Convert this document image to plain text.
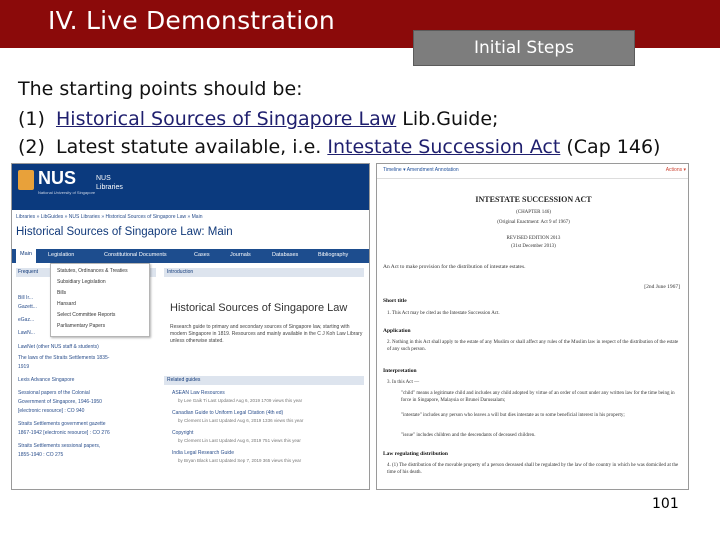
IV. Live Demonstration
Initial Steps
The starting points should be:
(1) Historical Sources of Singapore Law Lib.Guide;
(2) Latest statute available, i.e. Intestate Succession Act (Cap 146)
NUS
National University of Singapore
NUS
Libraries
Libraries » LibGuides » NUS Libraries » Historical Sources of Singapore Law » Main
Historical Sources of Singapore Law: Main
Main	Legislation	Constitutional Documents	Cases	Journals	Databases	Bibliography
Frequent
Bill Ir...
Gazett...
eGaz...
LawN...
LawNet (other NUS staff & students)
The laws of the Straits Settlements 1835-
1919
Lexis Advance Singapore
Sessional papers of the Colonial
Government of Singapore, 1946-1950
[electronic resource] : CO 940
Straits Settlements government gazette
1867-1942 [electronic resource] : CO 276
Straits Settlements sessional papers,
1855-1940 : CO 275
Statutes, Ordinances & Treaties
Subsidiary Legislation
Bills
Hansard
Select Committee Reports
Parliamentary Papers
Introduction
Historical Sources of Singapore Law
Research guide to primary and secondary sources of Singapore law, starting with modern Singapore in 1819. Resources and mainly available in the C J Koh Law Library unless otherwise stated.
Related guides
ASEAN Law Resources
by Lee Gaik Ti Last Updated Aug 6, 2019 1709 views this year
Canadian Guide to Uniform Legal Citation (4th ed)
by Clement Lin Last Updated Aug 6, 2019 1336 views this year
Copyright
by Clement Lin Last Updated Aug 6, 2019 751 views this year
India Legal Research Guide
by Bryan Black Last Updated Sep 7, 2019 365 views this year
Timeline ▾ Amendment Annotation	Actions ▾
INTESTATE SUCCESSION ACT
(CHAPTER 146)
(Original Enactment: Act 9 of 1967)
REVISED EDITION 2013
(31st December 2013)
An Act to make provision for the distribution of intestate estates.
[2nd June 1967]
Short title
1. This Act may be cited as the Intestate Succession Act.
Application
2. Nothing in this Act shall apply to the estate of any Muslim or shall affect any rules of the Muslim law in respect of the distribution of the estate of any such person.
Interpretation
3. In this Act —
"child" means a legitimate child and includes any child adopted by virtue of an order of court under any written law for the time being in force in Singapore, Malaysia or Brunei Darussalam;
"intestate" includes any person who leaves a will but dies intestate as to some beneficial interest in his property;
"issue" includes children and the descendants of deceased children.
Law regulating distribution
4. (1) The distribution of the movable property of a person deceased shall be regulated by the law of the country in which he was domiciled at the time of his death.
101
